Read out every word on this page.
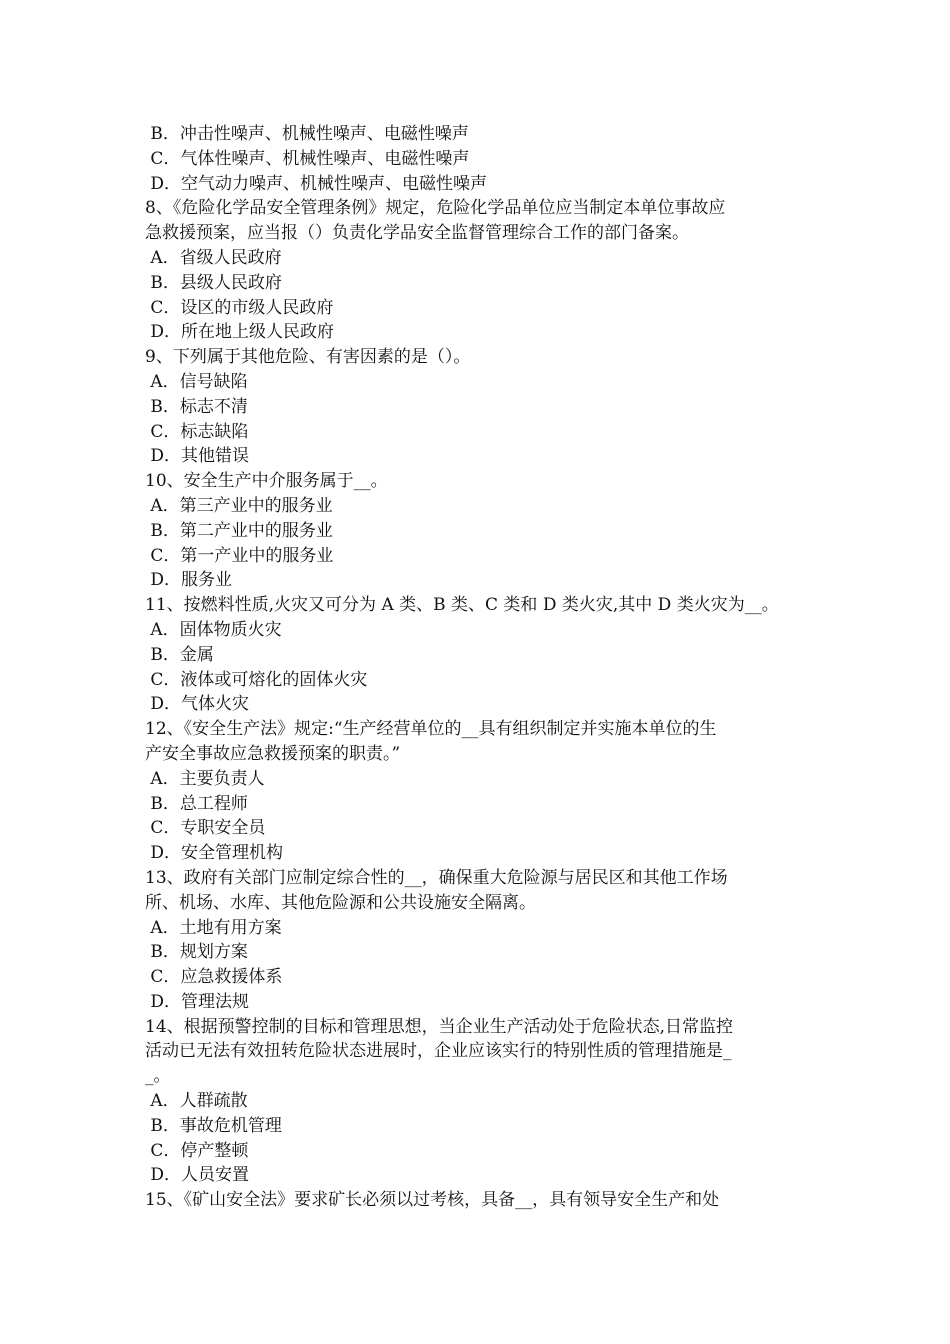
B．冲击性噪声、机械性噪声、电磁性噪声

C．气体性噪声、机械性噪声、电磁性噪声

D．空气动力噪声、机械性噪声、电磁性噪声

8、《危险化学品安全管理条例》规定，危险化学品单位应当制定本单位事故应

急救援预案，应当报（）负责化学品安全监督管理综合工作的部门备案。

A．省级人民政府

B．县级人民政府

C．设区的市级人民政府

D．所在地上级人民政府

9、下列属于其他危险、有害因素的是（）。

A．信号缺陷

B．标志不清

C．标志缺陷

D．其他错误

10、安全生产中介服务属于__。

A．第三产业中的服务业

B．第二产业中的服务业

C．第一产业中的服务业

D．服务业

11、按燃料性质,火灾又可分为 A 类、B 类、C 类和 D 类火灾,其中 D 类火灾为__。

A．固体物质火灾

B．金属

C．液体或可熔化的固体火灾

D．气体火灾

12、《安全生产法》规定:“生产经营单位的__具有组织制定并实施本单位的生

产安全事故应急救援预案的职责。”

A．主要负责人

B．总工程师

C．专职安全员

D．安全管理机构

13、政府有关部门应制定综合性的__，确保重大危险源与居民区和其他工作场

所、机场、水库、其他危险源和公共设施安全隔离。

A．土地有用方案

B．规划方案

C．应急救援体系

D．管理法规

14、根据预警控制的目标和管理思想，当企业生产活动处于危险状态,日常监控

活动已无法有效扭转危险状态进展时，企业应该实行的特别性质的管理措施是_

_。

A．人群疏散

B．事故危机管理

C．停产整顿

D．人员安置

15、《矿山安全法》要求矿长必须以过考核，具备__，具有领导安全生产和处
